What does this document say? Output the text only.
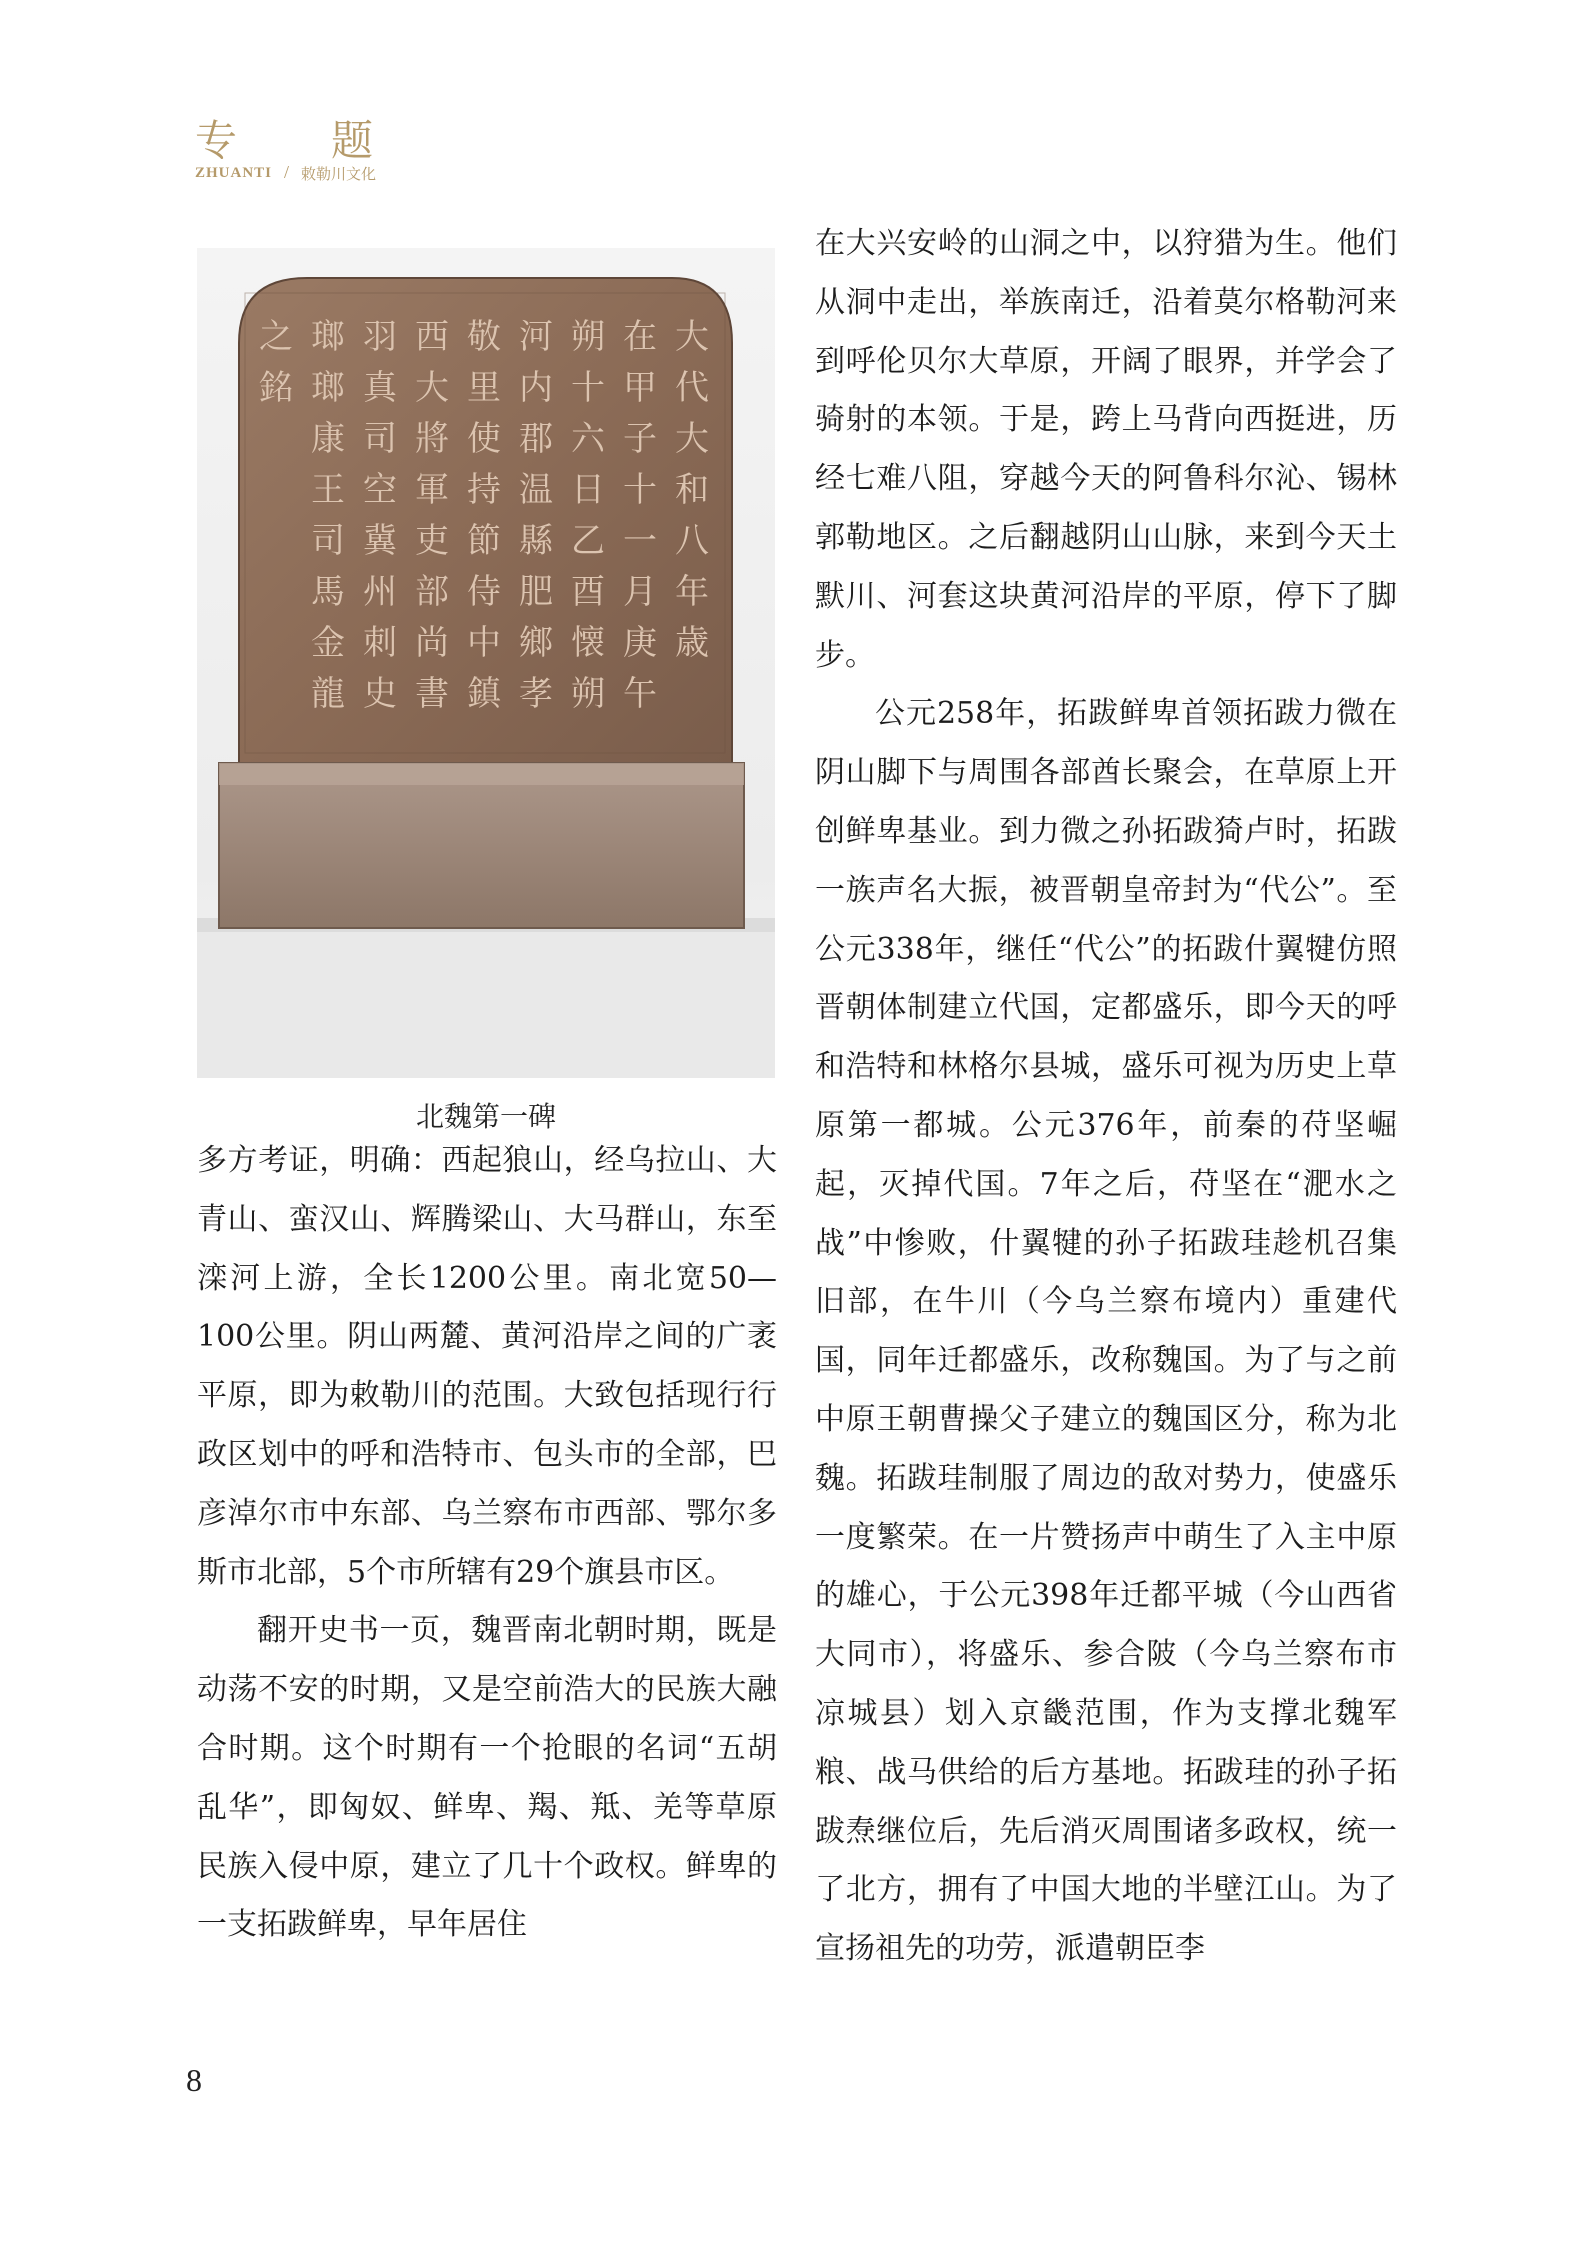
专　题
ZHUANTI / 敕勒川文化
大
代
大
和
八
年
歳
在
甲
子
十
一
月
庚
午
朔
十
六
日
乙
酉
懐
朔
河
内
郡
温
縣
肥
鄉
孝
敬
里
使
持
節
侍
中
鎮
西
大
將
軍
吏
部
尚
書
羽
真
司
空
冀
州
刺
史
瑯
瑯
康
王
司
馬
金
龍
之
銘
北魏第一碑

多方考证，明确：西起狼山，经乌拉山、大青山、蛮汉山、辉腾梁山、大马群山，东至滦河上游，全长1200公里。南北宽50—100公里。阴山两麓、黄河沿岸之间的广袤平原，即为敕勒川的范围。大致包括现行行政区划中的呼和浩特市、包头市的全部，巴彦淖尔市中东部、乌兰察布市西部、鄂尔多斯市北部，5个市所辖有29个旗县市区。

翻开史书一页，魏晋南北朝时期，既是动荡不安的时期，又是空前浩大的民族大融合时期。这个时期有一个抢眼的名词“五胡乱华”，即匈奴、鲜卑、羯、羝、羌等草原民族入侵中原，建立了几十个政权。鲜卑的一支拓跋鲜卑，早年居住

在大兴安岭的山洞之中，以狩猎为生。他们从洞中走出，举族南迁，沿着莫尔格勒河来到呼伦贝尔大草原，开阔了眼界，并学会了骑射的本领。于是，跨上马背向西挺进，历经七难八阻，穿越今天的阿鲁科尔沁、锡林郭勒地区。之后翻越阴山山脉，来到今天土默川、河套这块黄河沿岸的平原，停下了脚步。

公元258年，拓跋鲜卑首领拓跋力微在阴山脚下与周围各部酋长聚会，在草原上开创鲜卑基业。到力微之孙拓跋猗卢时，拓跋一族声名大振，被晋朝皇帝封为“代公”。至公元338年，继任“代公”的拓跋什翼犍仿照晋朝体制建立代国，定都盛乐，即今天的呼和浩特和林格尔县城，盛乐可视为历史上草原第一都城。公元376年，前秦的苻坚崛起，灭掉代国。7年之后，苻坚在“淝水之战”中惨败，什翼犍的孙子拓跋珪趁机召集旧部，在牛川（今乌兰察布境内）重建代国，同年迁都盛乐，改称魏国。为了与之前中原王朝曹操父子建立的魏国区分，称为北魏。拓跋珪制服了周边的敌对势力，使盛乐一度繁荣。在一片赞扬声中萌生了入主中原的雄心，于公元398年迁都平城（今山西省大同市），将盛乐、参合陂（今乌兰察布市凉城县）划入京畿范围，作为支撑北魏军粮、战马供给的后方基地。拓跋珪的孙子拓跋焘继位后，先后消灭周围诸多政权，统一了北方，拥有了中国大地的半壁江山。为了宣扬祖先的功劳，派遣朝臣李

8
